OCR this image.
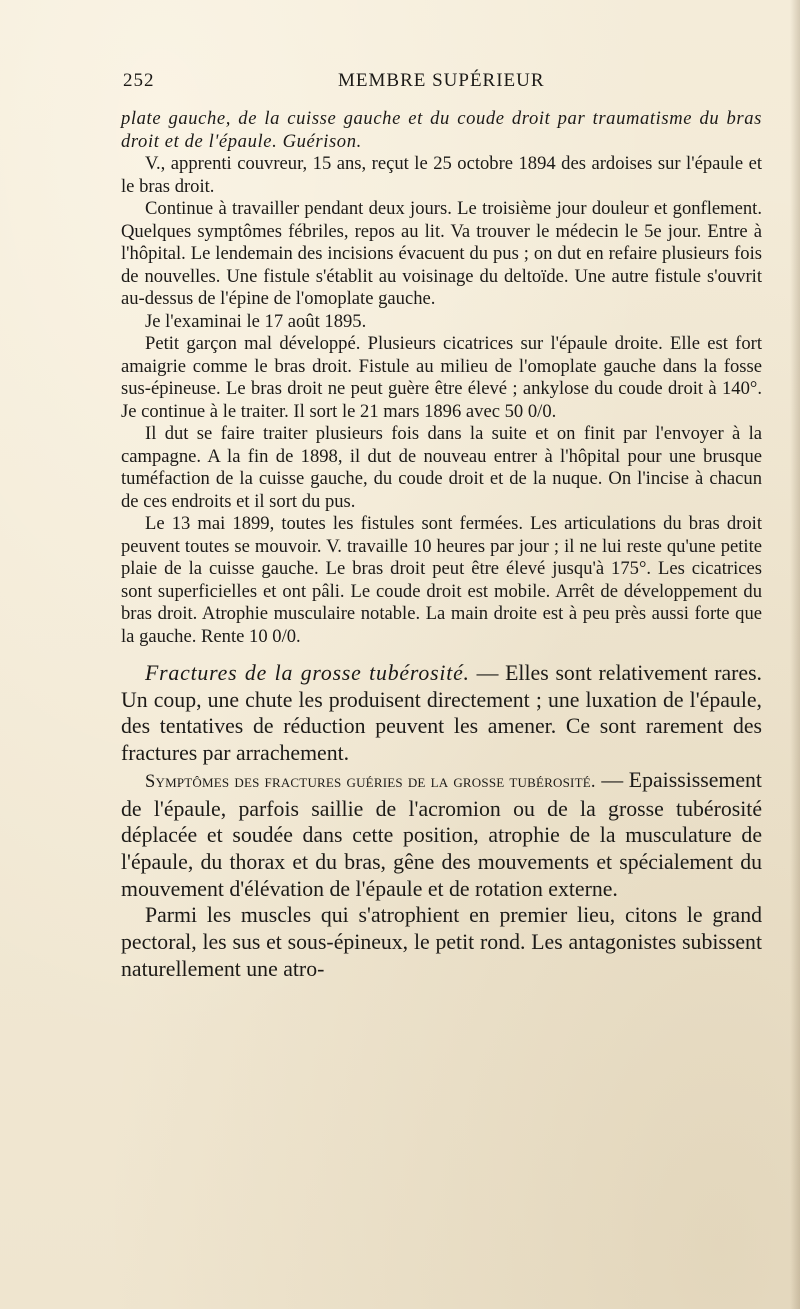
252	MEMBRE SUPÉRIEUR

plate gauche, de la cuisse gauche et du coude droit par traumatisme du bras droit et de l'épaule. Guérison.

V., apprenti couvreur, 15 ans, reçut le 25 octobre 1894 des ardoises sur l'épaule et le bras droit.

Continue à travailler pendant deux jours. Le troisième jour douleur et gonflement. Quelques symptômes fébriles, repos au lit. Va trouver le médecin le 5e jour. Entre à l'hôpital. Le lendemain des incisions évacuent du pus ; on dut en refaire plusieurs fois de nouvelles. Une fistule s'établit au voisinage du deltoïde. Une autre fistule s'ouvrit au-dessus de l'épine de l'omoplate gauche.

Je l'examinai le 17 août 1895.

Petit garçon mal développé. Plusieurs cicatrices sur l'épaule droite. Elle est fort amaigrie comme le bras droit. Fistule au milieu de l'omoplate gauche dans la fosse sus-épineuse. Le bras droit ne peut guère être élevé ; ankylose du coude droit à 140°. Je continue à le traiter. Il sort le 21 mars 1896 avec 50 0/0.

Il dut se faire traiter plusieurs fois dans la suite et on finit par l'envoyer à la campagne. A la fin de 1898, il dut de nouveau entrer à l'hôpital pour une brusque tuméfaction de la cuisse gauche, du coude droit et de la nuque. On l'incise à chacun de ces endroits et il sort du pus.

Le 13 mai 1899, toutes les fistules sont fermées. Les articulations du bras droit peuvent toutes se mouvoir. V. travaille 10 heures par jour ; il ne lui reste qu'une petite plaie de la cuisse gauche. Le bras droit peut être élevé jusqu'à 175°. Les cicatrices sont superficielles et ont pâli. Le coude droit est mobile. Arrêt de développement du bras droit. Atrophie musculaire notable. La main droite est à peu près aussi forte que la gauche. Rente 10 0/0.

Fractures de la grosse tubérosité. — Elles sont relativement rares. Un coup, une chute les produisent directement ; une luxation de l'épaule, des tentatives de réduction peuvent les amener. Ce sont rarement des fractures par arrachement.

Symptômes des fractures guéries de la grosse tubérosité. — Epaississement de l'épaule, parfois saillie de l'acromion ou de la grosse tubérosité déplacée et soudée dans cette position, atrophie de la musculature de l'épaule, du thorax et du bras, gêne des mouvements et spécialement du mouvement d'élévation de l'épaule et de rotation externe.

Parmi les muscles qui s'atrophient en premier lieu, citons le grand pectoral, les sus et sous-épineux, le petit rond. Les antagonistes subissent naturellement une atro-
